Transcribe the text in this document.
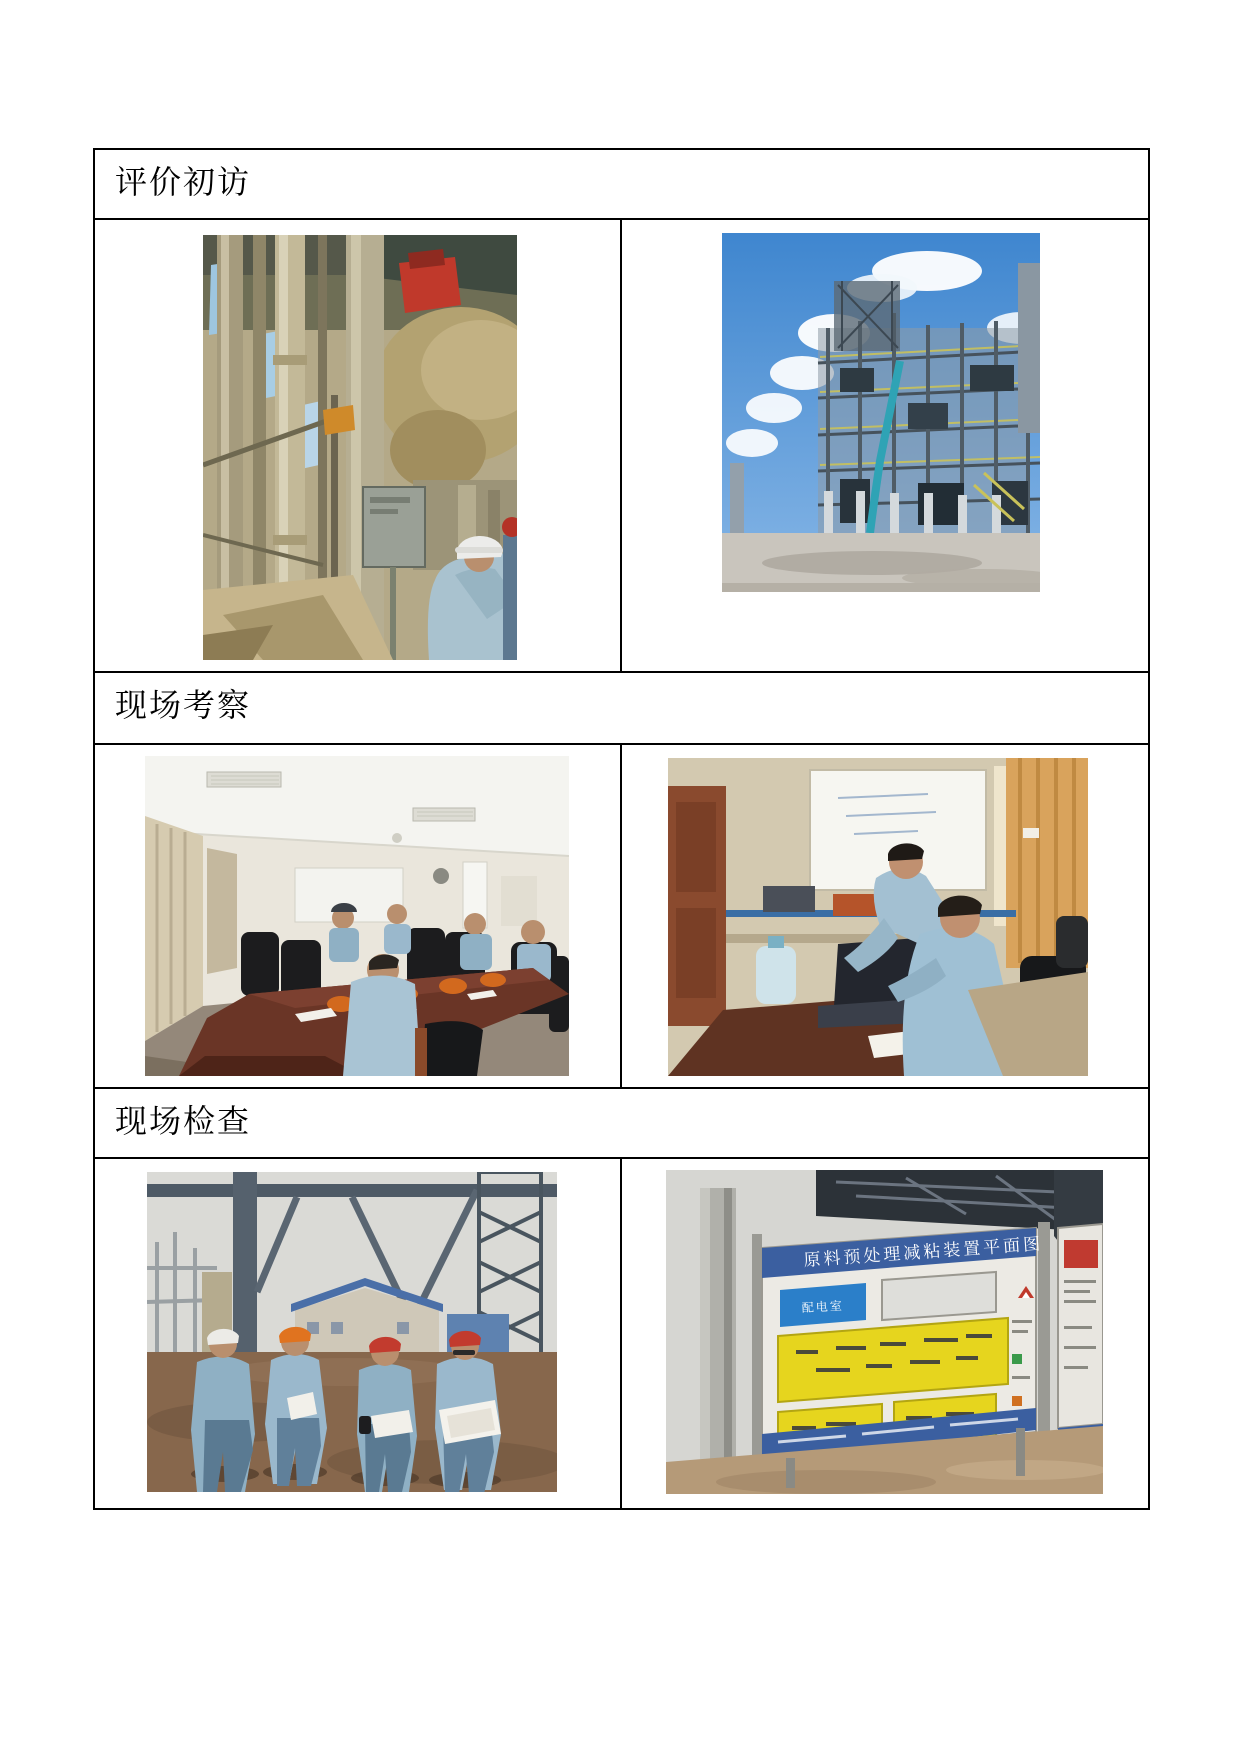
评价初访
现场考察
现场检查
原料预处理减粘装置平面图
配电室
